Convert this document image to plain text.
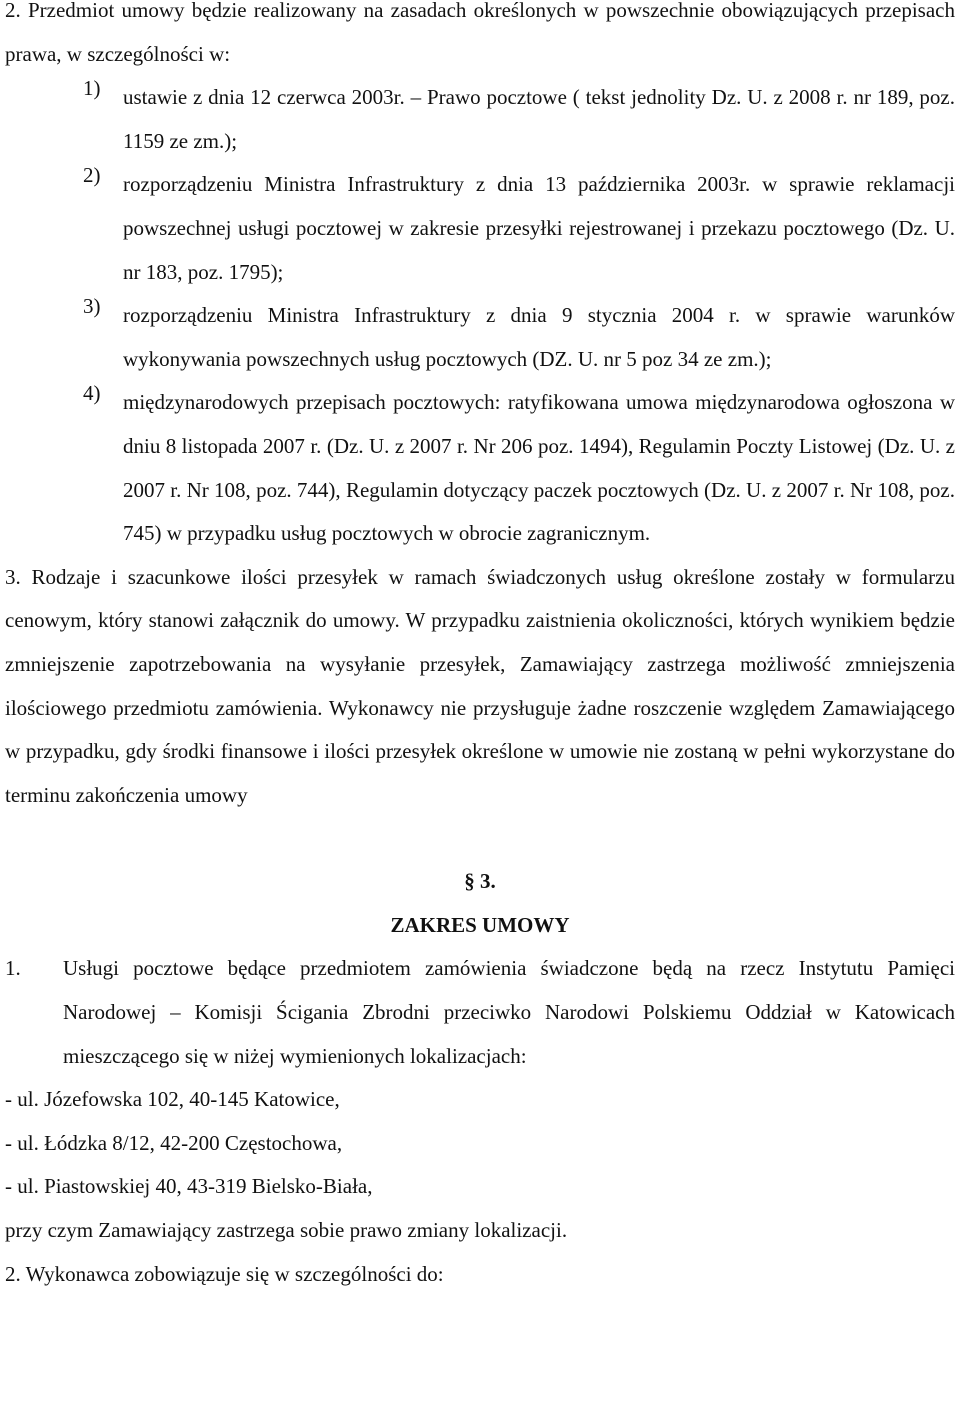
2. Przedmiot umowy będzie realizowany na zasadach określonych w powszechnie obowiązujących przepisach prawa, w szczególności w:

1) ustawie z dnia 12 czerwca 2003r. – Prawo pocztowe ( tekst jednolity Dz. U. z 2008 r. nr 189, poz. 1159 ze zm.);

2) rozporządzeniu Ministra Infrastruktury z dnia 13 października 2003r. w sprawie reklamacji powszechnej usługi pocztowej w zakresie przesyłki rejestrowanej i przekazu pocztowego (Dz. U. nr 183, poz. 1795);

3) rozporządzeniu Ministra Infrastruktury z dnia 9 stycznia 2004 r. w sprawie warunków wykonywania powszechnych usług pocztowych (DZ. U. nr 5 poz 34 ze zm.);

4) międzynarodowych przepisach pocztowych: ratyfikowana umowa międzynarodowa ogłoszona w dniu 8 listopada 2007 r. (Dz. U. z 2007 r. Nr 206 poz. 1494), Regulamin Poczty Listowej (Dz. U. z 2007 r. Nr 108, poz. 744), Regulamin dotyczący paczek pocztowych (Dz. U. z 2007 r. Nr 108, poz. 745) w przypadku usług pocztowych w obrocie zagranicznym.

3. Rodzaje i szacunkowe ilości przesyłek w ramach świadczonych usług określone zostały w formularzu cenowym, który stanowi załącznik do umowy. W przypadku zaistnienia okoliczności, których wynikiem będzie zmniejszenie zapotrzebowania na wysyłanie przesyłek, Zamawiający zastrzega możliwość zmniejszenia ilościowego przedmiotu zamówienia. Wykonawcy nie przysługuje żadne roszczenie względem Zamawiającego w przypadku, gdy środki finansowe i ilości przesyłek określone w umowie nie zostaną w pełni wykorzystane do terminu zakończenia umowy

§ 3.

ZAKRES UMOWY

1. Usługi pocztowe będące przedmiotem zamówienia świadczone będą na rzecz Instytutu Pamięci Narodowej – Komisji Ścigania Zbrodni przeciwko Narodowi Polskiemu Oddział w Katowicach mieszczącego się w niżej wymienionych lokalizacjach:

- ul. Józefowska 102, 40-145 Katowice,

- ul. Łódzka 8/12, 42-200 Częstochowa,

- ul. Piastowskiej 40, 43-319 Bielsko-Biała,

przy czym Zamawiający zastrzega sobie prawo zmiany lokalizacji.

2. Wykonawca zobowiązuje się w szczególności do:
